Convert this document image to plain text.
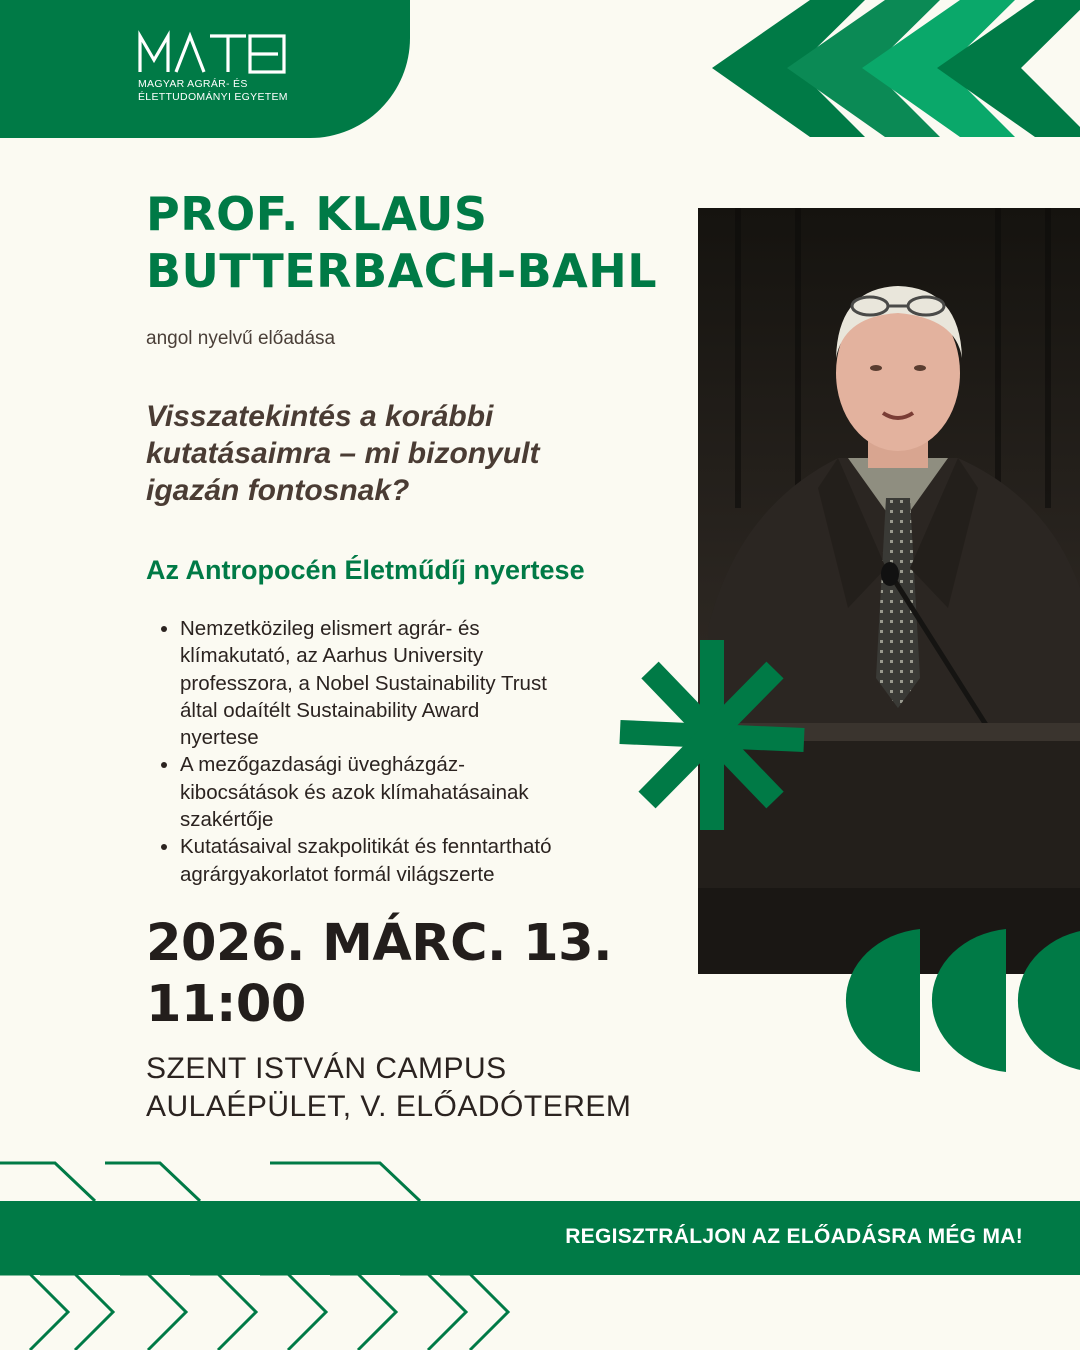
MATE
MAGYAR AGRÁR- ÉS
ÉLETTUDOMÁNYI EGYETEM
PROF. KLAUS
BUTTERBACH-BAHL
angol nyelvű előadása
Visszatekintés a korábbi
kutatásaimra – mi bizonyult
igazán fontosnak?
Az Antropocén Életműdíj nyertese
Nemzetközileg elismert agrár- és
klímakutató, az Aarhus University
professzora, a Nobel Sustainability Trust
által odaítélt Sustainability Award
nyertese
A mezőgazdasági üvegházgáz-
kibocsátások és azok klímahatásainak
szakértője
Kutatásaival szakpolitikát és fenntartható
agrárgyakorlatot formál világszerte
2026. MÁRC. 13.
11:00
SZENT ISTVÁN CAMPUS
AULAÉPÜLET, V. ELŐADÓTEREM
REGISZTRÁLJON AZ ELŐADÁSRA MÉG MA!
